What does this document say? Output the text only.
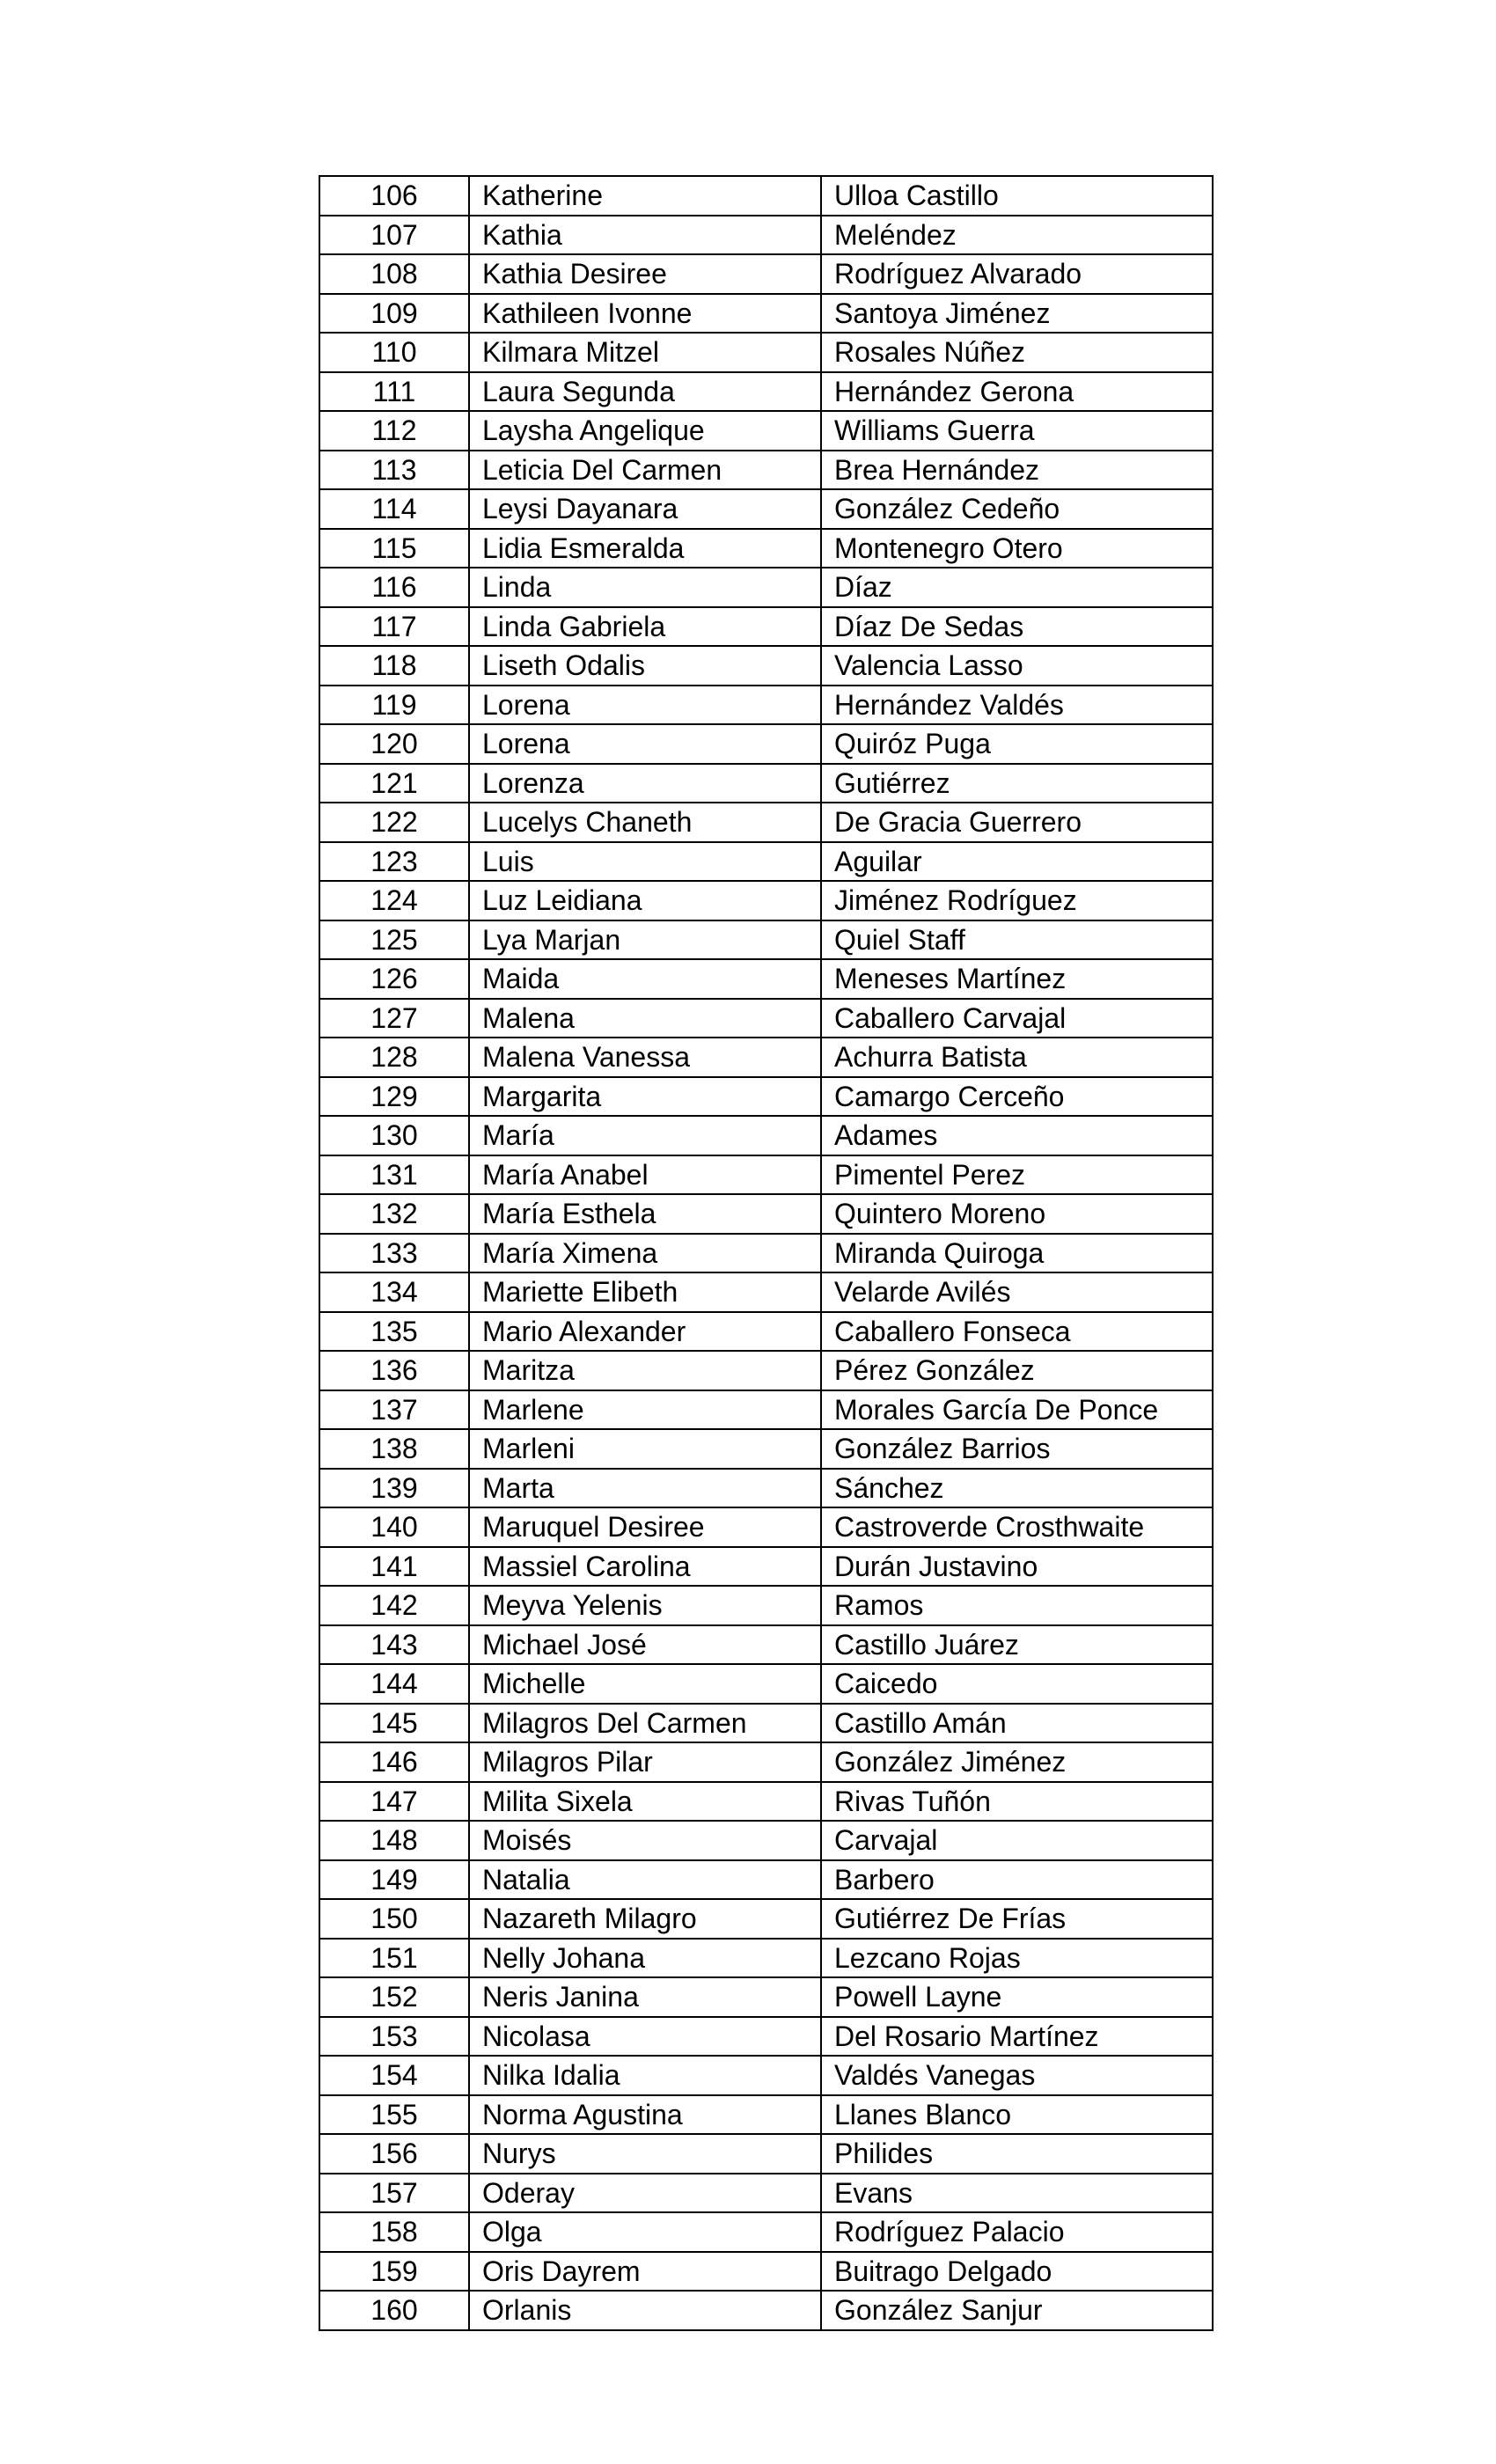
106	Katherine	Ulloa Castillo
107	Kathia	Meléndez
108	Kathia Desiree	Rodríguez Alvarado
109	Kathileen Ivonne	Santoya Jiménez
110	Kilmara Mitzel	Rosales Núñez
111	Laura Segunda	Hernández Gerona
112	Laysha Angelique	Williams Guerra
113	Leticia Del Carmen	Brea Hernández
114	Leysi Dayanara	González Cedeño
115	Lidia Esmeralda	Montenegro Otero
116	Linda	Díaz
117	Linda Gabriela	Díaz De Sedas
118	Liseth Odalis	Valencia Lasso
119	Lorena	Hernández Valdés
120	Lorena	Quiróz Puga
121	Lorenza	Gutiérrez
122	Lucelys Chaneth	De Gracia Guerrero
123	Luis	Aguilar
124	Luz Leidiana	Jiménez Rodríguez
125	Lya Marjan	Quiel Staff
126	Maida	Meneses Martínez
127	Malena	Caballero Carvajal
128	Malena Vanessa	Achurra Batista
129	Margarita	Camargo Cerceño
130	María	Adames
131	María Anabel	Pimentel Perez
132	María Esthela	Quintero Moreno
133	María Ximena	Miranda Quiroga
134	Mariette Elibeth	Velarde Avilés
135	Mario Alexander	Caballero Fonseca
136	Maritza	Pérez González
137	Marlene	Morales García De Ponce
138	Marleni	González Barrios
139	Marta	Sánchez
140	Maruquel Desiree	Castroverde Crosthwaite
141	Massiel Carolina	Durán Justavino
142	Meyva Yelenis	Ramos
143	Michael José	Castillo Juárez
144	Michelle	Caicedo
145	Milagros Del Carmen	Castillo Amán
146	Milagros Pilar	González Jiménez
147	Milita Sixela	Rivas Tuñón
148	Moisés	Carvajal
149	Natalia	Barbero
150	Nazareth Milagro	Gutiérrez De Frías
151	Nelly Johana	Lezcano Rojas
152	Neris Janina	Powell Layne
153	Nicolasa	Del Rosario Martínez
154	Nilka Idalia	Valdés Vanegas
155	Norma Agustina	Llanes Blanco
156	Nurys	Philides
157	Oderay	Evans
158	Olga	Rodríguez Palacio
159	Oris Dayrem	Buitrago Delgado
160	Orlanis	González Sanjur
